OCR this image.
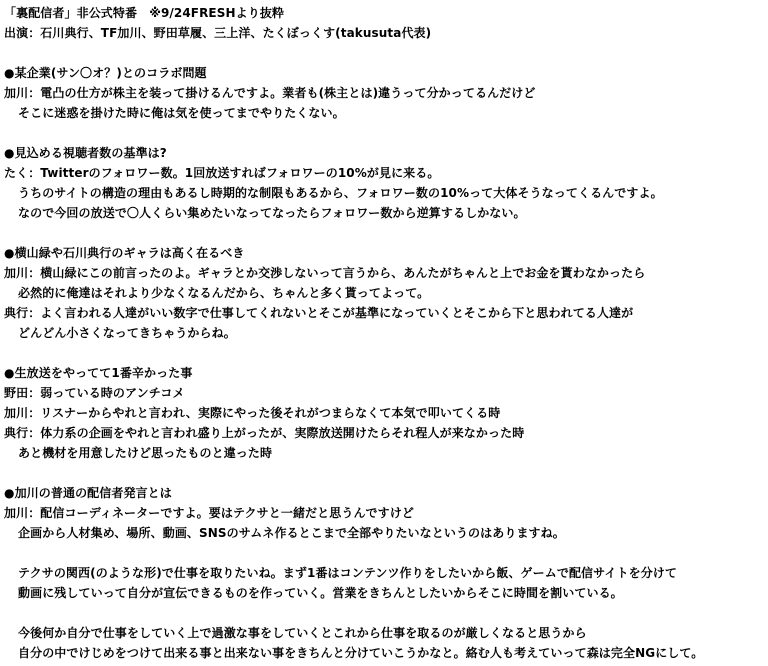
「裏配信者」非公式特番　※9/24FRESHより抜粋

出演：石川典行、TF加川、野田草履、三上洋、たくぼっくす(takusuta代表)

●某企業(サン〇オ？)とのコラボ問題

加川：電凸の仕方が株主を装って掛けるんですよ。業者も(株主とは)違うって分かってるんだけど

そこに迷惑を掛けた時に俺は気を使ってまでやりたくない。

●見込める視聴者数の基準は?

たく：Twitterのフォロワー数。1回放送すればフォロワーの10%が見に来る。

うちのサイトの構造の理由もあるし時期的な制限もあるから、フォロワー数の10%って大体そうなってくるんですよ。

なので今回の放送で〇人くらい集めたいなってなったらフォロワー数から逆算するしかない。

●横山緑や石川典行のギャラは高く在るべき

加川：横山緑にこの前言ったのよ。ギャラとか交渉しないって言うから、あんたがちゃんと上でお金を貰わなかったら

必然的に俺達はそれより少なくなるんだから、ちゃんと多く貰ってよって。

典行：よく言われる人達がいい数字で仕事してくれないとそこが基準になっていくとそこから下と思われてる人達が

どんどん小さくなってきちゃうからね。

●生放送をやってて1番辛かった事

野田：弱っている時のアンチコメ

加川：リスナーからやれと言われ、実際にやった後それがつまらなくて本気で叩いてくる時

典行：体力系の企画をやれと言われ盛り上がったが、実際放送開けたらそれ程人が来なかった時

あと機材を用意したけど思ったものと違った時

●加川の普通の配信者発言とは

加川：配信コーディネーターですよ。要はテクサと一緒だと思うんですけど

企画から人材集め、場所、動画、SNSのサムネ作るとこまで全部やりたいなというのはありますね。

テクサの関西(のような形)で仕事を取りたいね。まず1番はコンテンツ作りをしたいから飯、ゲームで配信サイトを分けて

動画に残していって自分が宣伝できるものを作っていく。営業をきちんとしたいからそこに時間を割いている。

今後何か自分で仕事をしていく上で過激な事をしていくとこれから仕事を取るのが厳しくなると思うから

自分の中でけじめをつけて出来る事と出来ない事をきちんと分けていこうかなと。絡む人も考えていって森は完全NGにして。
